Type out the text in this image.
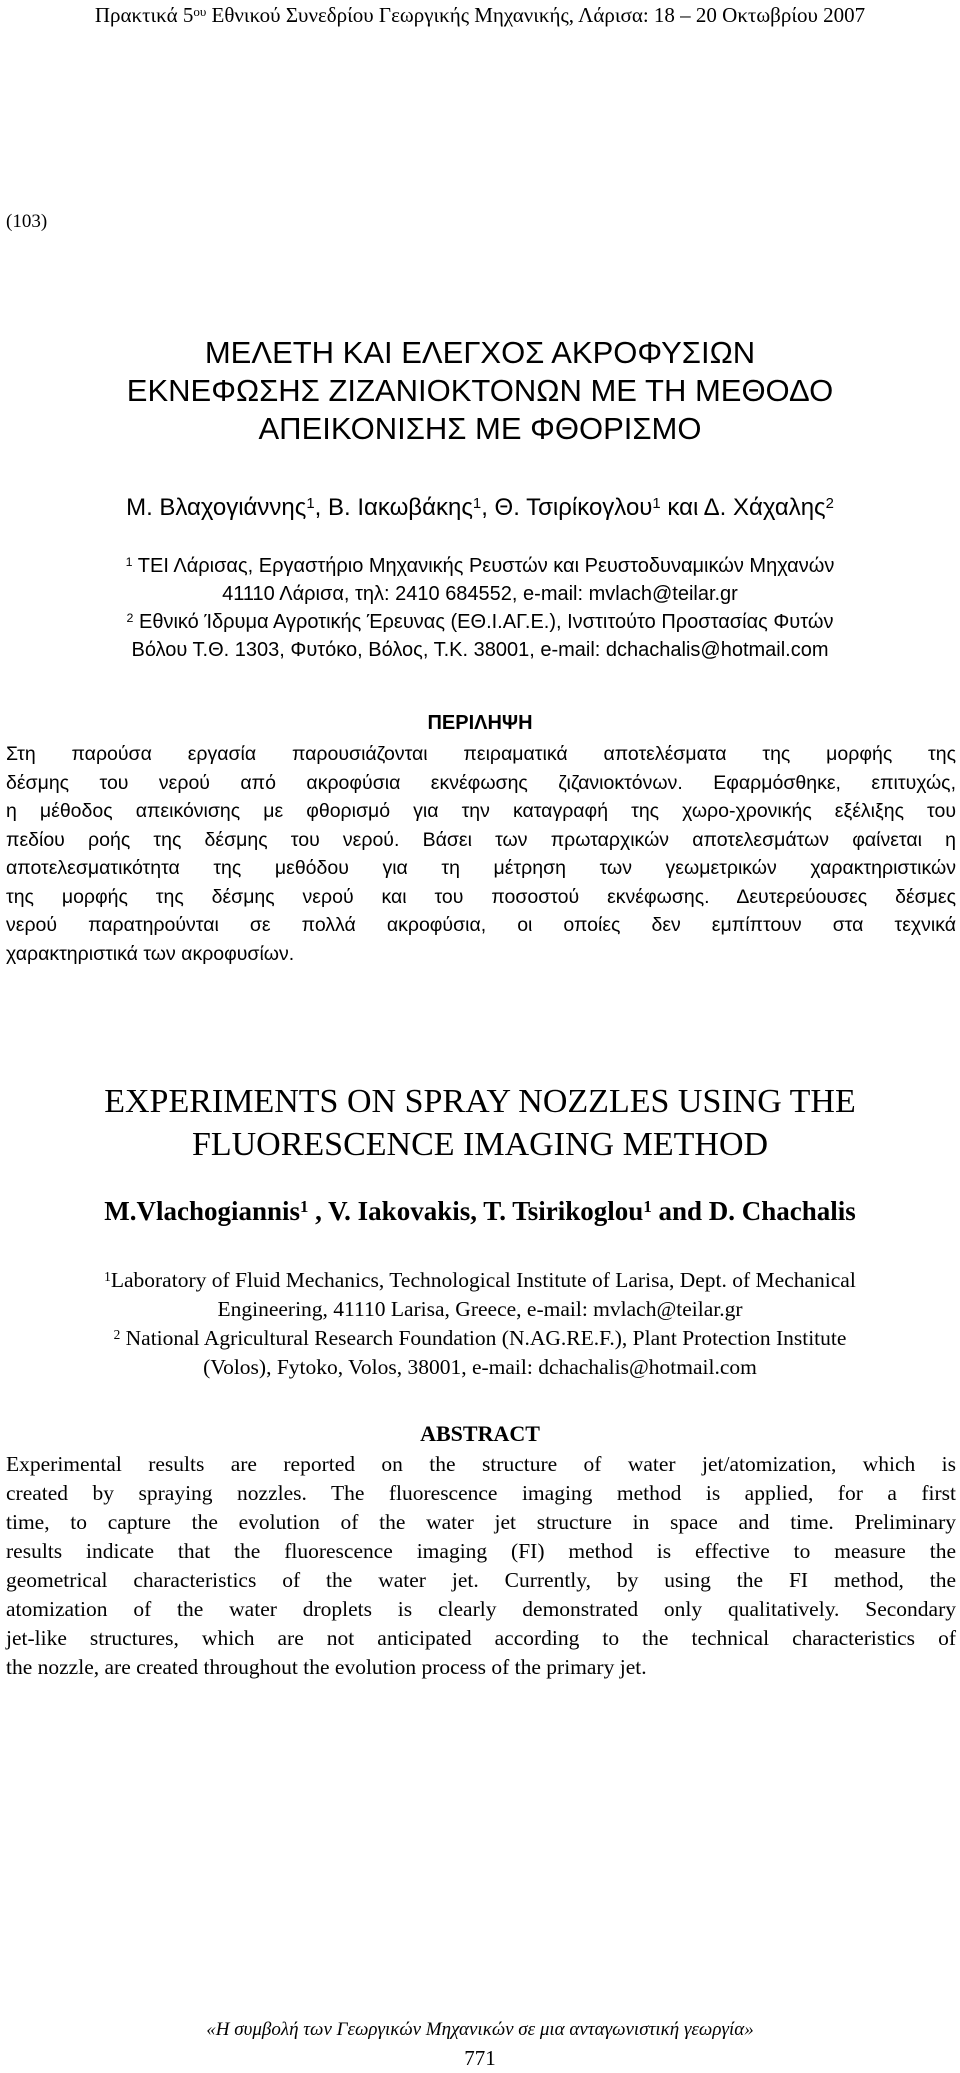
Πρακτικά $5^{o\upsilon}$ Εθνικού Συνεδρίου Γεωργικής Μηχανικής, Λάρισα: 18 – 20 Οκτωβρίου 2007
(103)
ΜΕΛΕΤΗ ΚΑΙ ΕΛΕΓΧΟΣ ΑΚΡΟΦΥΣΙΩΝ
ΕΚΝΕΦΩΣΗΣ ΖΙΖΑΝΙΟΚΤΟΝΩΝ ΜΕ ΤΗ ΜΕΘΟΔΟ
ΑΠΕΙΚΟΝΙΣΗΣ ΜΕ ΦΘΟΡΙΣΜΟ
Μ. Βλαχογιάννης$^1$, Β. Ιακωβάκης$^1$, Θ. Τσιρίκογλου$^1$ και Δ. Χάχαλης$^2$
$^1$ ΤΕΙ Λάρισας, Εργαστήριο Μηχανικής Ρευστών και Ρευστοδυναμικών Μηχανών
41110 Λάρισα, τηλ: 2410 684552, e-mail: mvlach@teilar.gr
$^2$ Εθνικό Ίδρυμα Αγροτικής Έρευνας (ΕΘ.Ι.ΑΓ.Ε.), Ινστιτούτο Προστασίας Φυτών
Βόλου Τ.Θ. 1303, Φυτόκο, Βόλος, Τ.Κ. 38001, e-mail: dchachalis@hotmail.com
ΠΕΡΙΛΗΨΗ
Στη παρούσα εργασία παρουσιάζονται πειραματικά αποτελέσματα της μορφής της
δέσμης του νερού από ακροφύσια εκνέφωσης ζιζανιοκτόνων. Εφαρμόσθηκε, επιτυχώς,
η μέθοδος απεικόνισης με φθορισμό για την καταγραφή της χωρο-χρονικής εξέλιξης του
πεδίου ροής της δέσμης του νερού. Βάσει των πρωταρχικών αποτελεσμάτων φαίνεται η
αποτελεσματικότητα της μεθόδου για τη μέτρηση των γεωμετρικών χαρακτηριστικών
της μορφής της δέσμης νερού και του ποσοστού εκνέφωσης. Δευτερεύουσες δέσμες
νερού παρατηρούνται σε πολλά ακροφύσια, οι οποίες δεν εμπίπτουν στα τεχνικά
χαρακτηριστικά των ακροφυσίων.
EXPERIMENTS ON SPRAY NOZZLES USING THE
FLUORESCENCE IMAGING METHOD
M.Vlachogiannis$^1$ , V. Iakovakis, T. Tsirikoglou$^1$ and D. Chachalis
$^1$Laboratory of Fluid Mechanics, Technological Institute of Larisa, Dept. of Mechanical
Engineering, 41110 Larisa, Greece, e-mail: mvlach@teilar.gr
$^2$ National Agricultural Research Foundation (N.AG.RE.F.), Plant Protection Institute
(Volos), Fytoko, Volos, 38001, e-mail: dchachalis@hotmail.com
ABSTRACT
Experimental results are reported on the structure of water jet/atomization, which is
created by spraying nozzles. The fluorescence imaging method is applied, for a first
time, to capture the evolution of the water jet structure in space and time. Preliminary
results indicate that the fluorescence imaging (FI) method is effective to measure the
geometrical characteristics of the water jet. Currently, by using the FI method, the
atomization of the water droplets is clearly demonstrated only qualitatively. Secondary
jet-like structures, which are not anticipated according to the technical characteristics of
the nozzle, are created throughout the evolution process of the primary jet.
«Η συμβολή των Γεωργικών Μηχανικών σε μια ανταγωνιστική γεωργία»
771
